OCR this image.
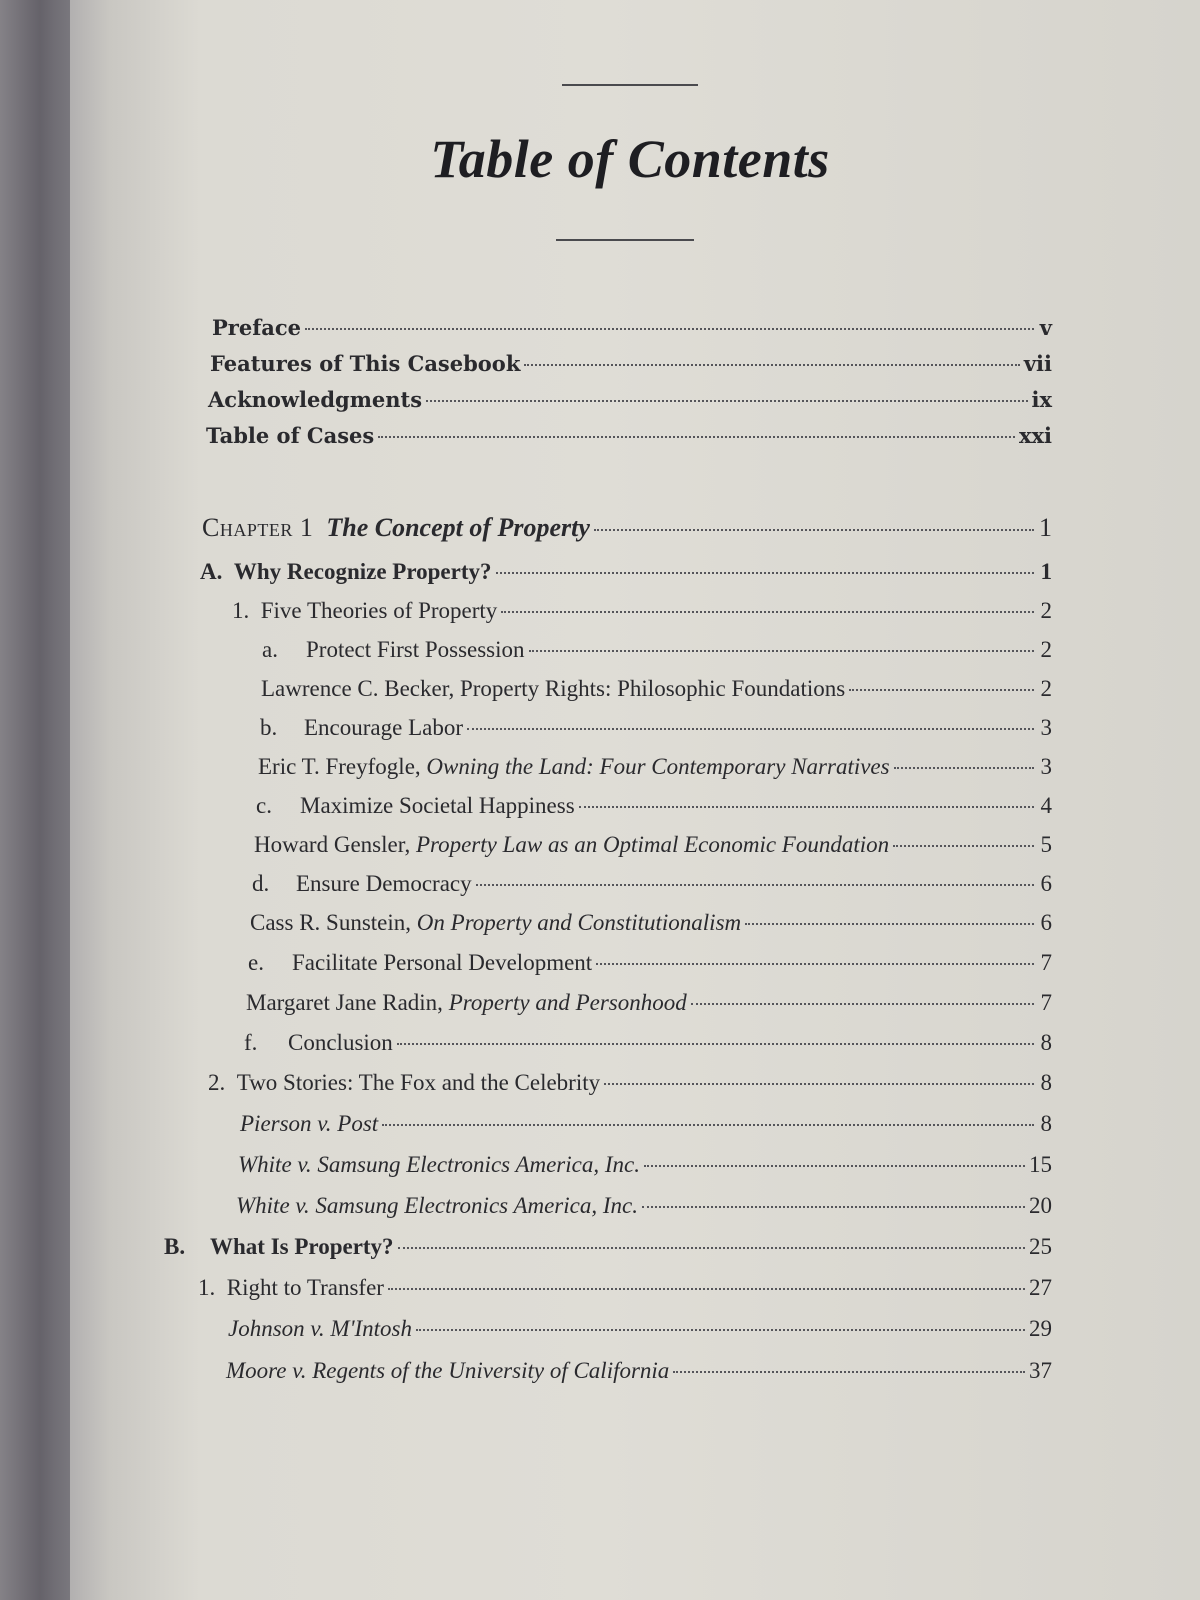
Table of Contents
Preface	v
Features of This Casebook	vii
Acknowledgments	ix
Table of Cases	xxi
Chapter 1 The Concept of Property	1
A. Why Recognize Property?	1
1. Five Theories of Property	2
a. Protect First Possession	2
Lawrence C. Becker, Property Rights: Philosophic Foundations	2
b. Encourage Labor	3
Eric T. Freyfogle, Owning the Land: Four Contemporary Narratives	3
c. Maximize Societal Happiness	4
Howard Gensler, Property Law as an Optimal Economic Foundation	5
d. Ensure Democracy	6
Cass R. Sunstein, On Property and Constitutionalism	6
e. Facilitate Personal Development	7
Margaret Jane Radin, Property and Personhood	7
f. Conclusion	8
2. Two Stories: The Fox and the Celebrity	8
Pierson v. Post	8
White v. Samsung Electronics America, Inc.	15
White v. Samsung Electronics America, Inc.	20
B. What Is Property?	25
1. Right to Transfer	27
Johnson v. M'Intosh	29
Moore v. Regents of the University of California	37
